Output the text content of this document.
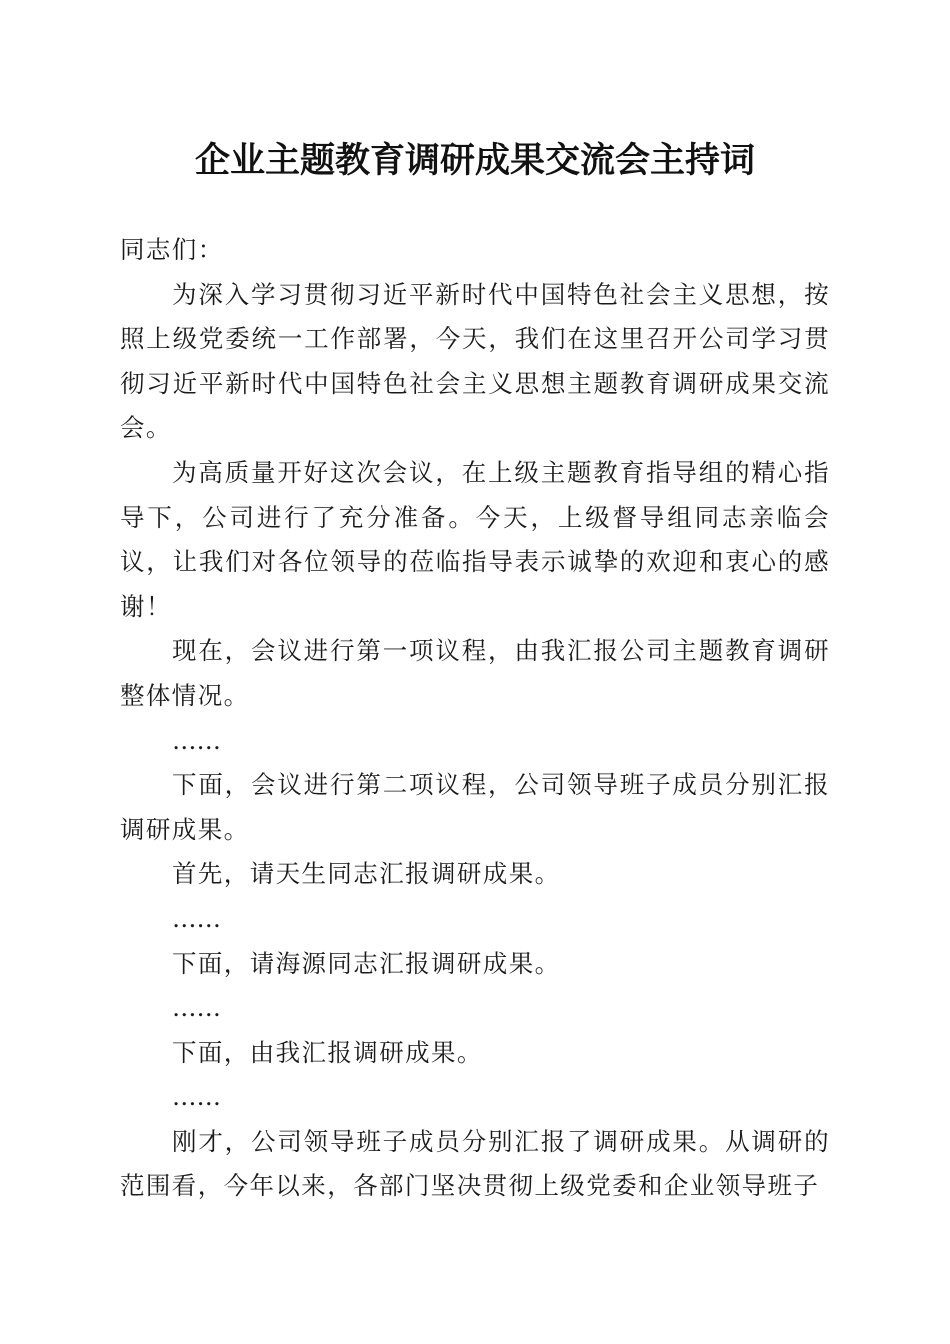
企业主题教育调研成果交流会主持词

同志们：

为深入学习贯彻习近平新时代中国特色社会主义思想，按照上级党委统一工作部署，今天，我们在这里召开公司学习贯彻习近平新时代中国特色社会主义思想主题教育调研成果交流会。

为高质量开好这次会议，在上级主题教育指导组的精心指导下，公司进行了充分准备。今天，上级督导组同志亲临会议，让我们对各位领导的莅临指导表示诚挚的欢迎和衷心的感谢！

现在，会议进行第一项议程，由我汇报公司主题教育调研整体情况。

……

下面，会议进行第二项议程，公司领导班子成员分别汇报调研成果。

首先，请天生同志汇报调研成果。

……

下面，请海源同志汇报调研成果。

……

下面，由我汇报调研成果。

……

刚才，公司领导班子成员分别汇报了调研成果。从调研的范围看，今年以来，各部门坚决贯彻上级党委和企业领导班子
